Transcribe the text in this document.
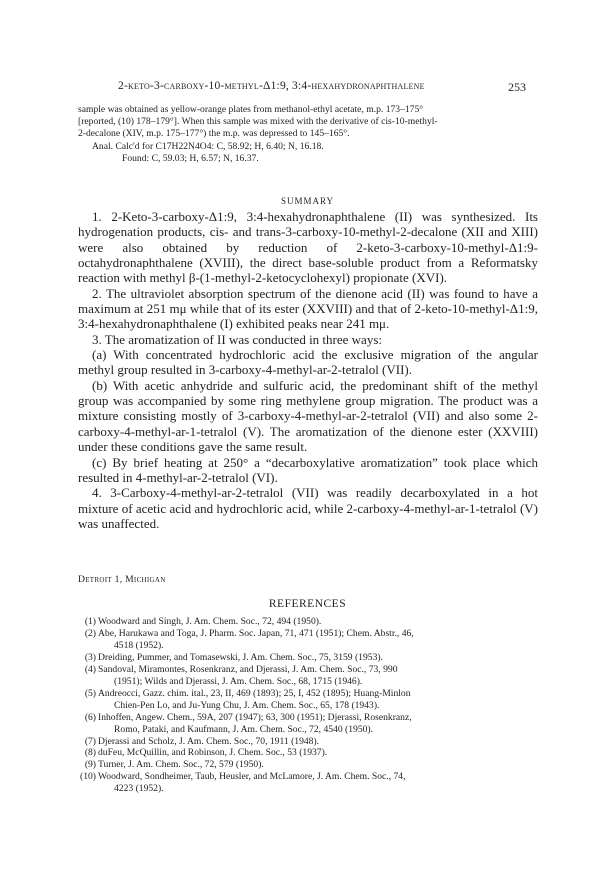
2-keto-3-carboxy-10-methyl-Δ1:9, 3:4-hexahydronaphthalene	253

sample was obtained as yellow-orange plates from methanol-ethyl acetate, m.p. 173–175°

[reported, (10) 178–179°]. When this sample was mixed with the derivative of cis-10-methyl-

2-decalone (XIV, m.p. 175–177°) the m.p. was depressed to 145–165°.

Anal. Calc'd for C17H22N4O4: C, 58.92; H, 6.40; N, 16.18.

Found: C, 59.03; H, 6.57; N, 16.37.

SUMMARY

1. 2-Keto-3-carboxy-Δ1:9, 3:4-hexahydronaphthalene (II) was synthesized. Its hydrogenation products, cis- and trans-3-carboxy-10-methyl-2-decalone (XII and XIII) were also obtained by reduction of 2-keto-3-carboxy-10-methyl-Δ1:9-octahydronaphthalene (XVIII), the direct base-soluble product from a Reformatsky reaction with methyl β-(1-methyl-2-ketocyclohexyl) propionate (XVI).

2. The ultraviolet absorption spectrum of the dienone acid (II) was found to have a maximum at 251 mμ while that of its ester (XXVIII) and that of 2-keto-10-methyl-Δ1:9, 3:4-hexahydronaphthalene (I) exhibited peaks near 241 mμ.

3. The aromatization of II was conducted in three ways:

(a) With concentrated hydrochloric acid the exclusive migration of the angular methyl group resulted in 3-carboxy-4-methyl-ar-2-tetralol (VII).

(b) With acetic anhydride and sulfuric acid, the predominant shift of the methyl group was accompanied by some ring methylene group migration. The product was a mixture consisting mostly of 3-carboxy-4-methyl-ar-2-tetralol (VII) and also some 2-carboxy-4-methyl-ar-1-tetralol (V). The aromatization of the dienone ester (XXVIII) under these conditions gave the same result.

(c) By brief heating at 250° a “decarboxylative aromatization” took place which resulted in 4-methyl-ar-2-tetralol (VI).

4. 3-Carboxy-4-methyl-ar-2-tetralol (VII) was readily decarboxylated in a hot mixture of acetic acid and hydrochloric acid, while 2-carboxy-4-methyl-ar-1-tetralol (V) was unaffected.

Detroit 1, Michigan
REFERENCES
(1) Woodward and Singh, J. Am. Chem. Soc., 72, 494 (1950).
(2) Abe, Harukawa and Toga, J. Pharm. Soc. Japan, 71, 471 (1951); Chem. Abstr., 46,
4518 (1952).
(3) Dreiding, Pummer, and Tomasewski, J. Am. Chem. Soc., 75, 3159 (1953).
(4) Sandoval, Miramontes, Rosenkranz, and Djerassi, J. Am. Chem. Soc., 73, 990
(1951); Wilds and Djerassi, J. Am. Chem. Soc., 68, 1715 (1946).
(5) Andreocci, Gazz. chim. ital., 23, II, 469 (1893); 25, I, 452 (1895); Huang-Minlon
Chien-Pen Lo, and Ju-Yung Chu, J. Am. Chem. Soc., 65, 178 (1943).
(6) Inhoffen, Angew. Chem., 59A, 207 (1947); 63, 300 (1951); Djerassi, Rosenkranz,
Romo, Pataki, and Kaufmann, J. Am. Chem. Soc., 72, 4540 (1950).
(7) Djerassi and Scholz, J. Am. Chem. Soc., 70, 1911 (1948).
(8) duFeu, McQuillin, and Robinson, J. Chem. Soc., 53 (1937).
(9) Turner, J. Am. Chem. Soc., 72, 579 (1950).
(10) Woodward, Sondheimer, Taub, Heusler, and McLamore, J. Am. Chem. Soc., 74,
4223 (1952).
